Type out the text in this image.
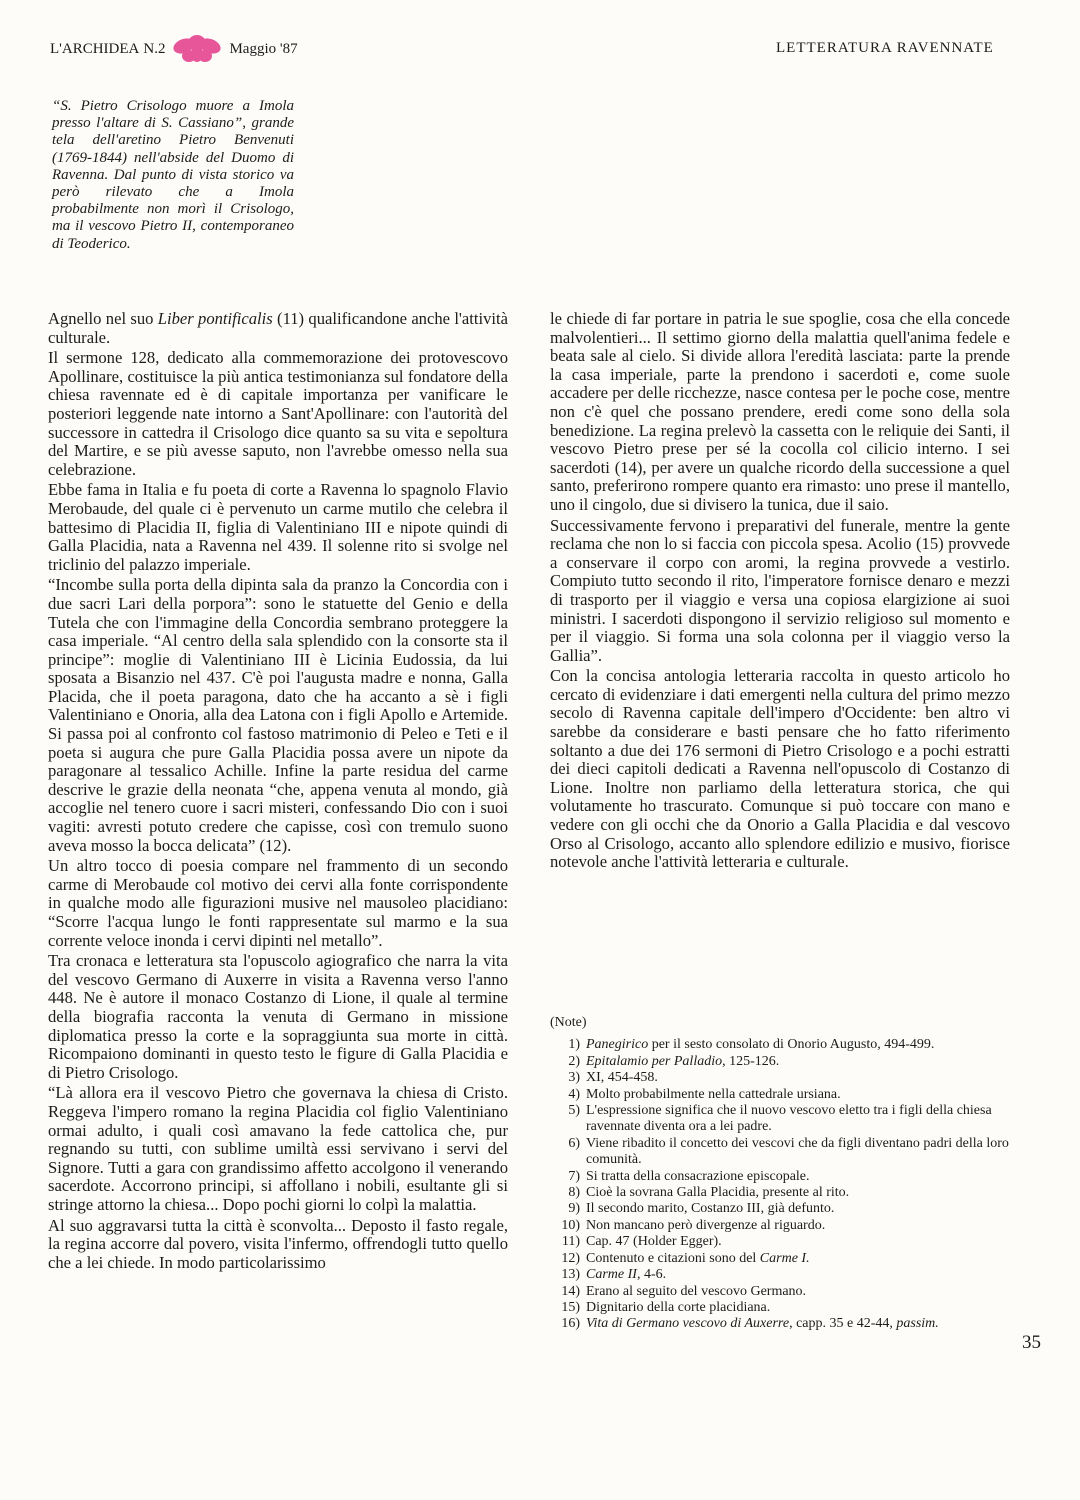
L'ARCHIDEA N.2	Maggio '87	LETTERATURA RAVENNATE

“S. Pietro Crisologo muore a Imola presso l'altare di S. Cassiano”, grande tela dell'aretino Pietro Benvenuti (1769-1844) nell'abside del Duomo di Ravenna. Dal punto di vista storico va però rilevato che a Imola probabilmente non morì il Crisologo, ma il vescovo Pietro II, contemporaneo di Teoderico.

Agnello nel suo Liber pontificalis (11) qualificandone anche l'attività culturale.

Il sermone 128, dedicato alla commemorazione dei protovescovo Apollinare, costituisce la più antica testimonianza sul fondatore della chiesa ravennate ed è di capitale importanza per vanificare le posteriori leggende nate intorno a Sant'Apollinare: con l'autorità del successore in cattedra il Crisologo dice quanto sa su vita e sepoltura del Martire, e se più avesse saputo, non l'avrebbe omesso nella sua celebrazione.

Ebbe fama in Italia e fu poeta di corte a Ravenna lo spagnolo Flavio Merobaude, del quale ci è pervenuto un carme mutilo che celebra il battesimo di Placidia II, figlia di Valentiniano III e nipote quindi di Galla Placidia, nata a Ravenna nel 439. Il solenne rito si svolge nel triclinio del palazzo imperiale.

“Incombe sulla porta della dipinta sala da pranzo la Concordia con i due sacri Lari della porpora”: sono le statuette del Genio e della Tutela che con l'immagine della Concordia sembrano proteggere la casa imperiale. “Al centro della sala splendido con la consorte sta il principe”: moglie di Valentiniano III è Licinia Eudossia, da lui sposata a Bisanzio nel 437. C'è poi l'augusta madre e nonna, Galla Placida, che il poeta paragona, dato che ha accanto a sè i figli Valentiniano e Onoria, alla dea Latona con i figli Apollo e Artemide. Si passa poi al confronto col fastoso matrimonio di Peleo e Teti e il poeta si augura che pure Galla Placidia possa avere un nipote da paragonare al tessalico Achille. Infine la parte residua del carme descrive le grazie della neonata “che, appena venuta al mondo, già accoglie nel tenero cuore i sacri misteri, confessando Dio con i suoi vagiti: avresti potuto credere che capisse, così con tremulo suono aveva mosso la bocca delicata” (12).

Un altro tocco di poesia compare nel frammento di un secondo carme di Merobaude col motivo dei cervi alla fonte corrispondente in qualche modo alle figurazioni musive nel mausoleo placidiano: “Scorre l'acqua lungo le fonti rappresentate sul marmo e la sua corrente veloce inonda i cervi dipinti nel metallo”.

Tra cronaca e letteratura sta l'opuscolo agiografico che narra la vita del vescovo Germano di Auxerre in visita a Ravenna verso l'anno 448. Ne è autore il monaco Costanzo di Lione, il quale al termine della biografia racconta la venuta di Germano in missione diplomatica presso la corte e la sopraggiunta sua morte in città. Ricompaiono dominanti in questo testo le figure di Galla Placidia e di Pietro Crisologo.

“Là allora era il vescovo Pietro che governava la chiesa di Cristo. Reggeva l'impero romano la regina Placidia col figlio Valentiniano ormai adulto, i quali così amavano la fede cattolica che, pur regnando su tutti, con sublime umiltà essi servivano i servi del Signore. Tutti a gara con grandissimo affetto accolgono il venerando sacerdote. Accorrono principi, si affollano i nobili, esultante gli si stringe attorno la chiesa... Dopo pochi giorni lo colpì la malattia.

Al suo aggravarsi tutta la città è sconvolta... Deposto il fasto regale, la regina accorre dal povero, visita l'infermo, offrendogli tutto quello che a lei chiede. In modo particolarissimo

le chiede di far portare in patria le sue spoglie, cosa che ella concede malvolentieri... Il settimo giorno della malattia quell'anima fedele e beata sale al cielo. Si divide allora l'eredità lasciata: parte la prende la casa imperiale, parte la prendono i sacerdoti e, come suole accadere per delle ricchezze, nasce contesa per le poche cose, mentre non c'è quel che possano prendere, eredi come sono della sola benedizione. La regina prelevò la cassetta con le reliquie dei Santi, il vescovo Pietro prese per sé la cocolla col cilicio interno. I sei sacerdoti (14), per avere un qualche ricordo della successione a quel santo, preferirono rompere quanto era rimasto: uno prese il mantello, uno il cingolo, due si divisero la tunica, due il saio.

Successivamente fervono i preparativi del funerale, mentre la gente reclama che non lo si faccia con piccola spesa. Acolio (15) provvede a conservare il corpo con aromi, la regina provvede a vestirlo. Compiuto tutto secondo il rito, l'imperatore fornisce denaro e mezzi di trasporto per il viaggio e versa una copiosa elargizione ai suoi ministri. I sacerdoti dispongono il servizio religioso sul momento e per il viaggio. Si forma una sola colonna per il viaggio verso la Gallia”.

Con la concisa antologia letteraria raccolta in questo articolo ho cercato di evidenziare i dati emergenti nella cultura del primo mezzo secolo di Ravenna capitale dell'impero d'Occidente: ben altro vi sarebbe da considerare e basti pensare che ho fatto riferimento soltanto a due dei 176 sermoni di Pietro Crisologo e a pochi estratti dei dieci capitoli dedicati a Ravenna nell'opuscolo di Costanzo di Lione. Inoltre non parliamo della letteratura storica, che qui volutamente ho trascurato. Comunque si può toccare con mano e vedere con gli occhi che da Onorio a Galla Placidia e dal vescovo Orso al Crisologo, accanto allo splendore edilizio e musivo, fiorisce notevole anche l'attività letteraria e culturale.

(Note)
1) Panegirico per il sesto consolato di Onorio Augusto, 494-499.
2) Epitalamio per Palladio, 125-126.
3) XI, 454-458.
4) Molto probabilmente nella cattedrale ursiana.
5) L'espressione significa che il nuovo vescovo eletto tra i figli della chiesa ravennate diventa ora a lei padre.
6) Viene ribadito il concetto dei vescovi che da figli diventano padri della loro comunità.
7) Si tratta della consacrazione episcopale.
8) Cioè la sovrana Galla Placidia, presente al rito.
9) Il secondo marito, Costanzo III, già defunto.
10) Non mancano però divergenze al riguardo.
11) Cap. 47 (Holder Egger).
12) Contenuto e citazioni sono del Carme I.
13) Carme II, 4-6.
14) Erano al seguito del vescovo Germano.
15) Dignitario della corte placidiana.
16) Vita di Germano vescovo di Auxerre, capp. 35 e 42-44, passim.
35
